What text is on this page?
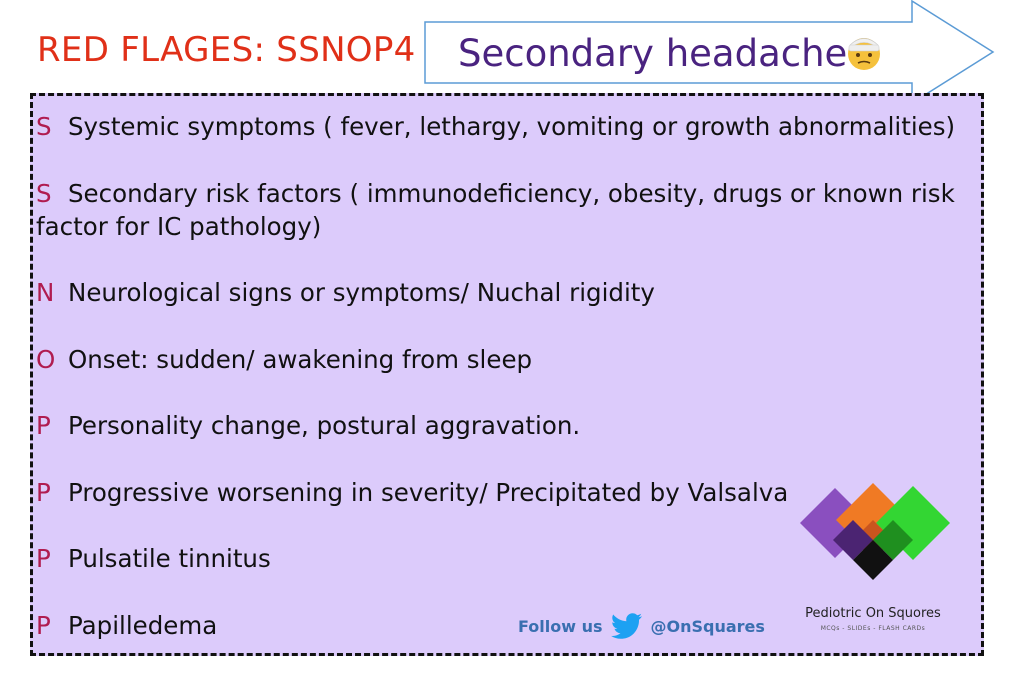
RED FLAGES: SSNOP4 Secondary headache
S Systemic symptoms ( fever, lethargy, vomiting or growth abnormalities)
S Secondary risk factors ( immunodeficiency, obesity, drugs or known risk factor for IC pathology)
N Neurological signs or symptoms/ Nuchal rigidity
O Onset: sudden/ awakening from sleep
P Personality change, postural aggravation.
P Progressive worsening in severity/ Precipitated by Valsalva
P Pulsatile tinnitus
P Papilledema	Follow us	@OnSquares
Pediotric On Squores
MCQs - SLIDEs - FLASH CARDs
